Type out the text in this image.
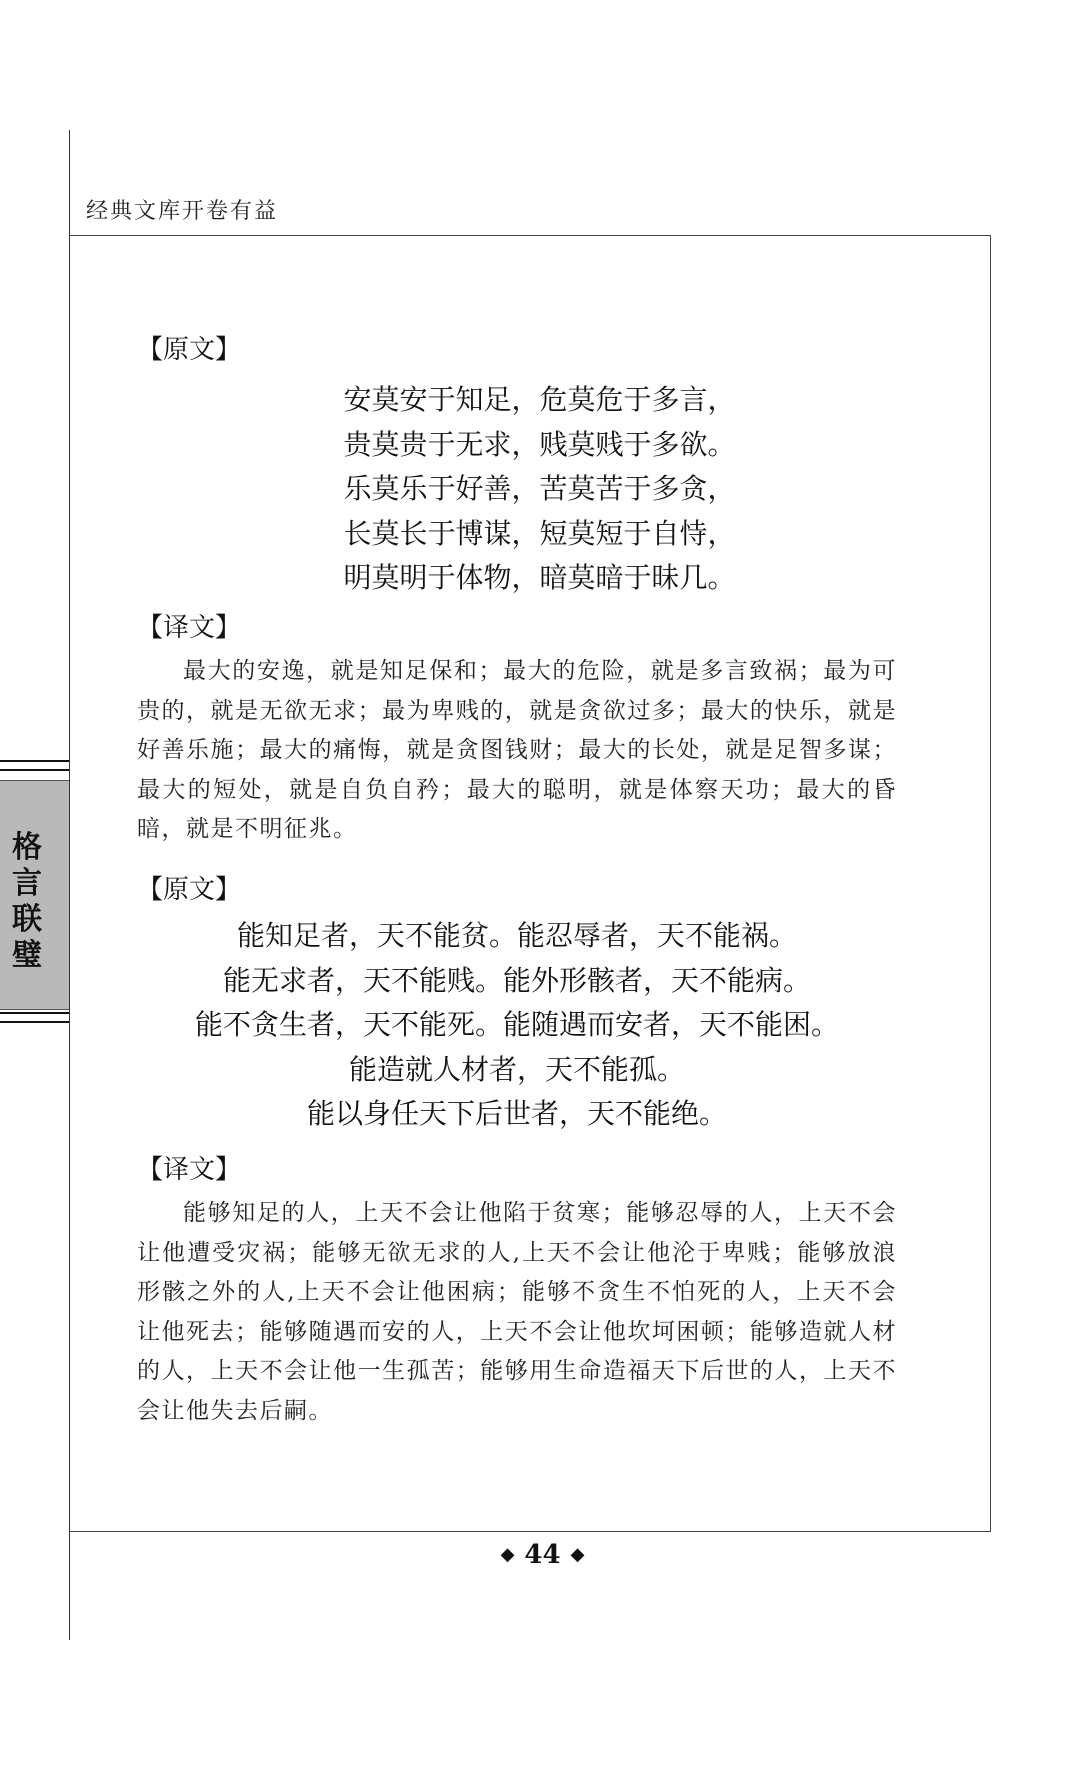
经典文库开卷有益
格言联璧

【原文】

安莫安于知足，危莫危于多言，

贵莫贵于无求，贱莫贱于多欲。

乐莫乐于好善，苦莫苦于多贪，

长莫长于博谋，短莫短于自恃，

明莫明于体物，暗莫暗于昧几。

【译文】

最大的安逸，就是知足保和；最大的危险，就是多言致祸；最为可贵的，就是无欲无求；最为卑贱的，就是贪欲过多；最大的快乐，就是好善乐施；最大的痛悔，就是贪图钱财；最大的长处，就是足智多谋；最大的短处，就是自负自矜；最大的聪明，就是体察天功；最大的昏暗，就是不明征兆。

【原文】

能知足者，天不能贫。能忍辱者，天不能祸。

能无求者，天不能贱。能外形骸者，天不能病。

能不贪生者，天不能死。能随遇而安者，天不能困。

能造就人材者，天不能孤。

能以身任天下后世者，天不能绝。

【译文】

能够知足的人，上天不会让他陷于贫寒；能够忍辱的人，上天不会让他遭受灾祸；能够无欲无求的人,上天不会让他沦于卑贱；能够放浪形骸之外的人,上天不会让他困病；能够不贪生不怕死的人，上天不会让他死去；能够随遇而安的人，上天不会让他坎坷困顿；能够造就人材的人，上天不会让他一生孤苦；能够用生命造福天下后世的人，上天不会让他失去后嗣。

◆ 44 ◆
